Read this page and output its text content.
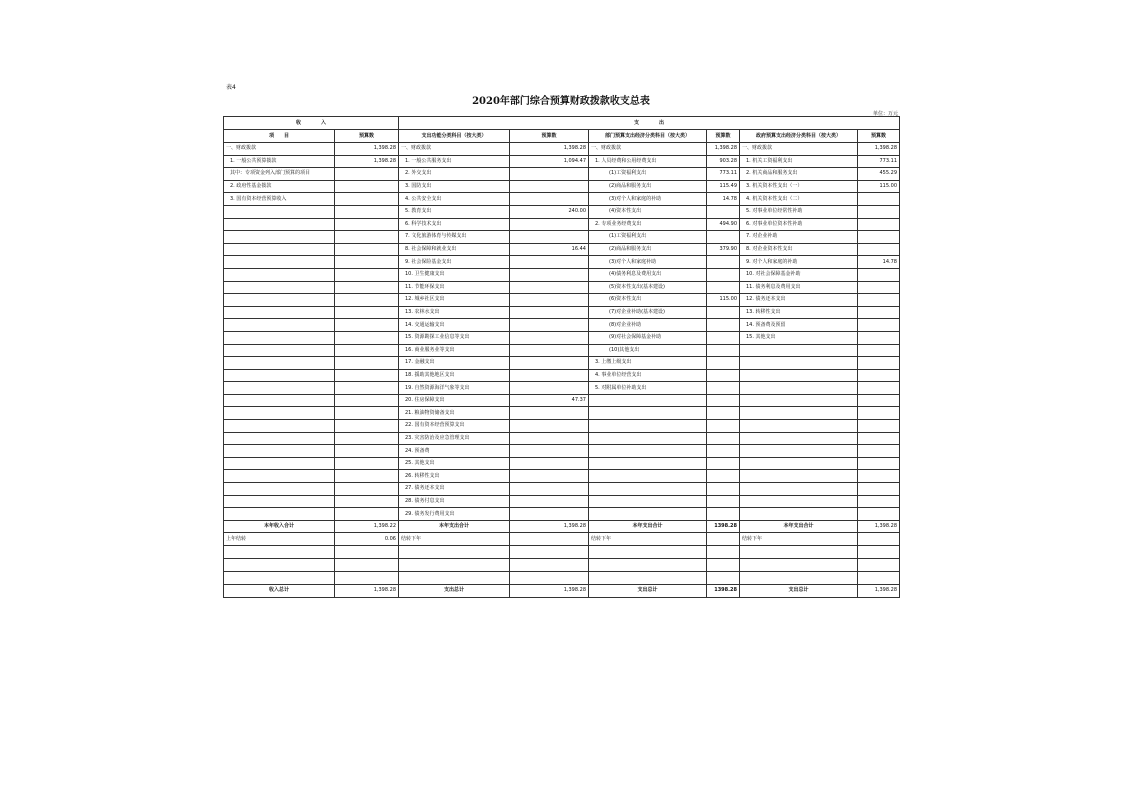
表4
2020年部门综合预算财政拨款收支总表
单位：万元
收　　　　入		支　　　　出					
项　　目	预算数	支出功能分类科目（按大类）	预算数	部门预算支出经济分类科目（按大类）	预算数	政府预算支出经济分类科目（按大类）	预算数
一、财政拨款	1,398.28	一、财政拨款	1,398.28	一、财政拨款	1,398.28	一、财政拨款	1,398.28
1. 一般公共预算拨款	1,398.28	1. 一般公共服务支出	1,094.47	1. 人员经费和公用经费支出	903.28	1. 机关工资福利支出	773.11
其中：专项资金列入部门预算的项目		2. 外交支出		(1)工资福利支出	773.11	2. 机关商品和服务支出	455.29
2. 政府性基金拨款		3. 国防支出		(2)商品和服务支出	115.49	3. 机关资本性支出（一）	115.00
3. 国有资本经营预算收入		4. 公共安全支出		(3)对个人和家庭的补助	14.78	4. 机关资本性支出（二）	
		5. 教育支出	240.00	(4)资本性支出		5. 对事业单位经常性补助	
		6. 科学技术支出		2. 专项业务经费支出	494.90	6. 对事业单位资本性补助	
		7. 文化旅游体育与传媒支出		(1)工资福利支出		7. 对企业补助	
		8. 社会保障和就业支出	16.44	(2)商品和服务支出	379.90	8. 对企业资本性支出	
		9. 社会保险基金支出		(3)对个人和家庭补助		9. 对个人和家庭的补助	14.78
		10. 卫生健康支出		(4)债务利息及费用支出		10. 对社会保障基金补助	
		11. 节能环保支出		(5)资本性支出(基本建设)		11. 债务利息及费用支出	
		12. 城乡社区支出		(6)资本性支出	115.00	12. 债务还本支出	
		13. 农林水支出		(7)对企业补助(基本建设)		13. 转移性支出	
		14. 交通运输支出		(8)对企业补助		14. 预备费及预留	
		15. 资源勘探工业信息等支出		(9)对社会保障基金补助		15. 其他支出	
		16. 商业服务业等支出		(10)其他支出			
		17. 金融支出		3. 上缴上级支出			
		18. 援助其他地区支出		4. 事业单位经营支出			
		19. 自然资源海洋气象等支出		5. 对附属单位补助支出			
		20. 住房保障支出	47.37				
		21. 粮油物资储备支出					
		22. 国有资本经营预算支出					
		23. 灾害防治及应急管理支出					
		24. 预备费					
		25. 其他支出					
		26. 转移性支出					
		27. 债务还本支出					
		28. 债务付息支出					
		29. 债务发行费用支出					
本年收入合计	1,398.22	本年支出合计	1,398.28	本年支出合计	1398.28	本年支出合计	1,398.28
上年结转	0.06	结转下年		结转下年		结转下年	

收入总计	1,398.28	支出总计	1,398.28	支出总计	1398.28	支出总计	1,398.28
